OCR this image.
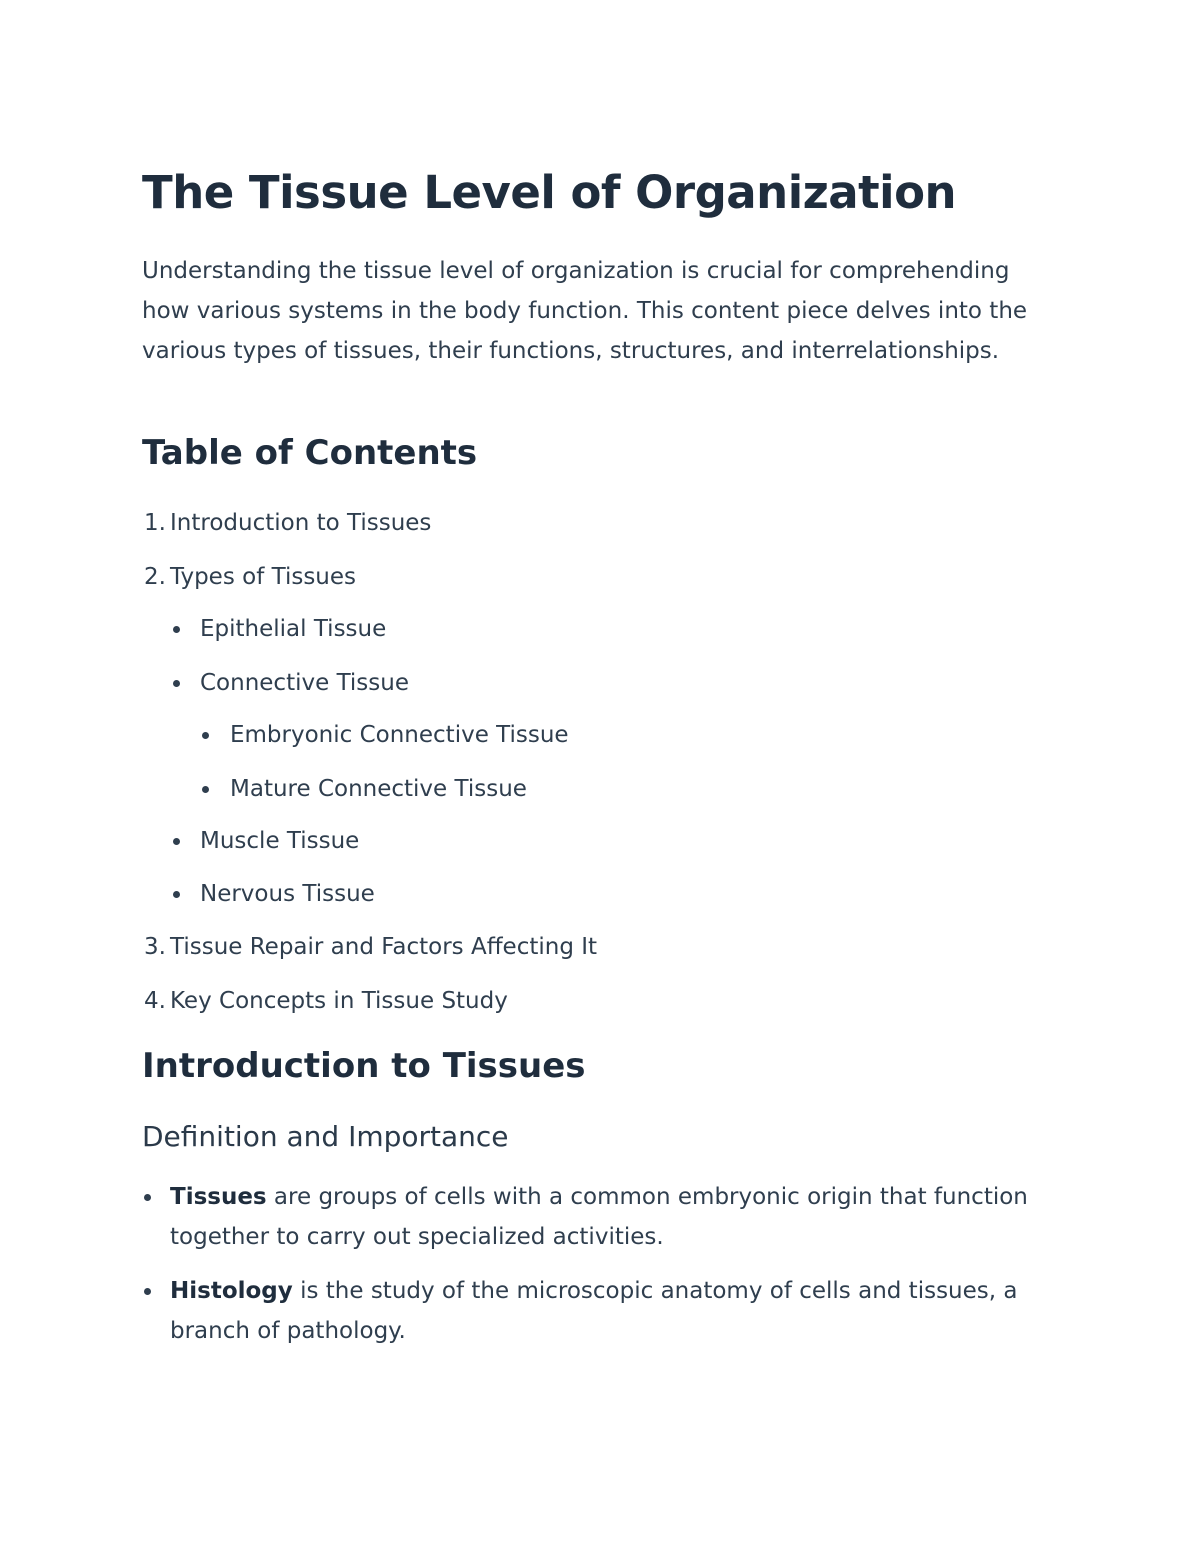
The Tissue Level of Organization

Understanding the tissue level of organization is crucial for comprehending how various systems in the body function. This content piece delves into the various types of tissues, their functions, structures, and interrelationships.

Table of Contents
1. Introduction to Tissues
2. Types of Tissues
Epithelial Tissue
Connective Tissue
Embryonic Connective Tissue
Mature Connective Tissue
Muscle Tissue
Nervous Tissue
3. Tissue Repair and Factors Affecting It
4. Key Concepts in Tissue Study
Introduction to Tissues
Definition and Importance

Tissues are groups of cells with a common embryonic origin that function together to carry out specialized activities.

Histology is the study of the microscopic anatomy of cells and tissues, a branch of pathology.
